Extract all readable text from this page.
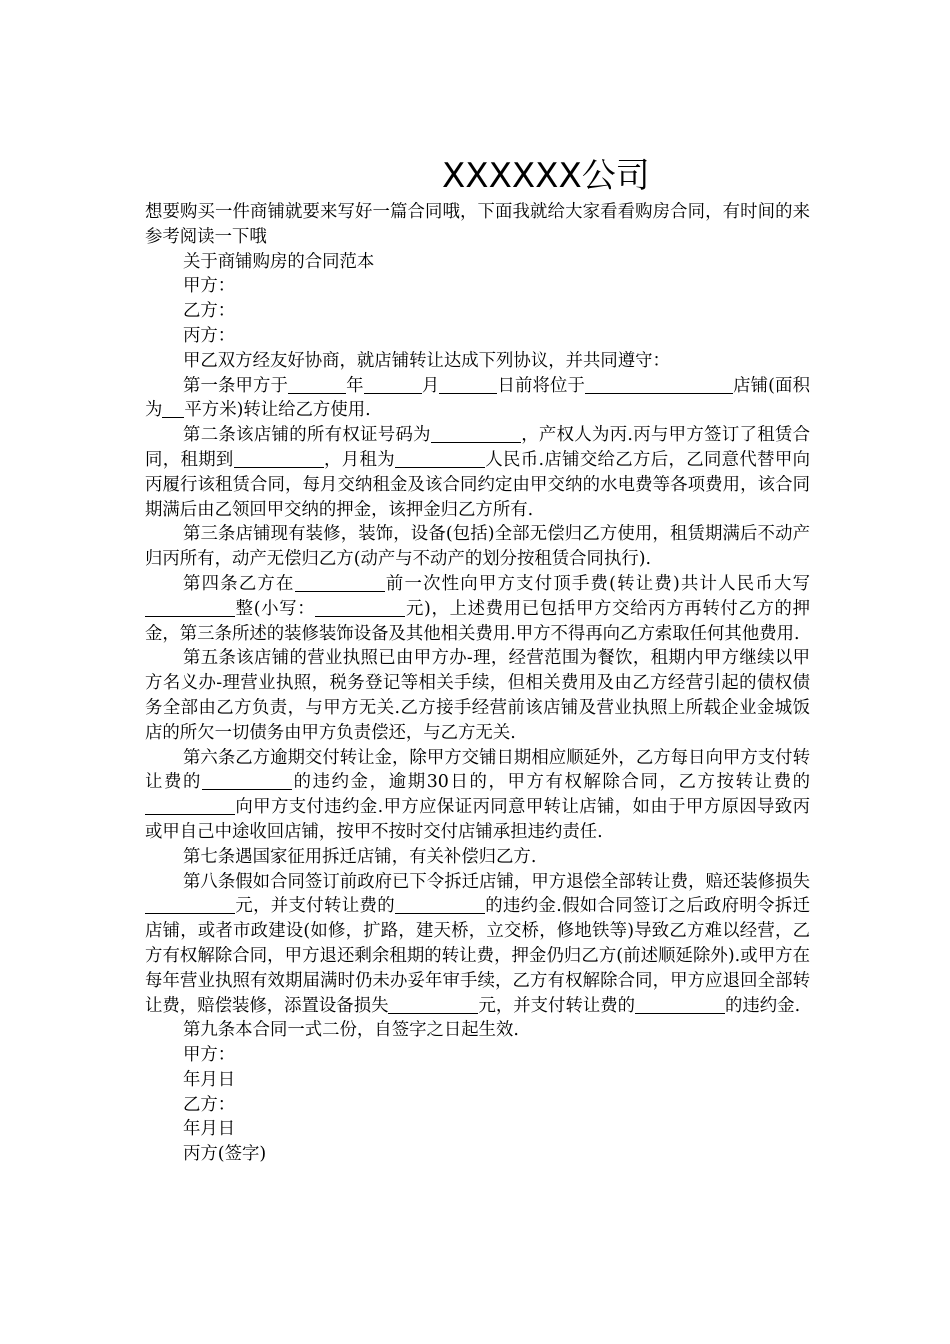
XXXXXX公司

想要购买一件商铺就要来写好一篇合同哦，下面我就给大家看看购房合同，有时间的来参考阅读一下哦

关于商铺购房的合同范本

甲方：

乙方：

丙方：

甲乙双方经友好协商，就店铺转让达成下列协议，并共同遵守：

第一条甲方于	年	月	日前将位于	店铺(面积为 平方米)转让给乙方使用.

第二条该店铺的所有权证号码为	，产权人为丙.丙与甲方签订了租赁合同，租期到	，月租为	人民币.店铺交给乙方后，乙同意代替甲向丙履行该租赁合同，每月交纳租金及该合同约定由甲交纳的水电费等各项费用，该合同期满后由乙领回甲交纳的押金，该押金归乙方所有.

第三条店铺现有装修，装饰，设备(包括)全部无偿归乙方使用，租赁期满后不动产归丙所有，动产无偿归乙方(动产与不动产的划分按租赁合同执行).

第四条乙方在	前一次性向甲方支付顶手费(转让费)共计人民币大写整(小写：	元)，上述费用已包括甲方交给丙方再转付乙方的押金，第三条所述的装修装饰设备及其他相关费用.甲方不得再向乙方索取任何其他费用.

第五条该店铺的营业执照已由甲方办-理，经营范围为餐饮，租期内甲方继续以甲方名义办-理营业执照，税务登记等相关手续，但相关费用及由乙方经营引起的债权债务全部由乙方负责，与甲方无关.乙方接手经营前该店铺及营业执照上所载企业金城饭店的所欠一切债务由甲方负责偿还，与乙方无关.

第六条乙方逾期交付转让金，除甲方交铺日期相应顺延外，乙方每日向甲方支付转让费的	的违约金，逾期30日的，甲方有权解除合同，乙方按转让费的向甲方支付违约金.甲方应保证丙同意甲转让店铺，如由于甲方原因导致丙或甲自己中途收回店铺，按甲不按时交付店铺承担违约责任.

第七条遇国家征用拆迁店铺，有关补偿归乙方.

第八条假如合同签订前政府已下令拆迁店铺，甲方退偿全部转让费，赔还装修损失元，并支付转让费的	的违约金.假如合同签订之后政府明令拆迁店铺，或者市政建设(如修，扩路，建天桥，立交桥，修地铁等)导致乙方难以经营，乙方有权解除合同，甲方退还剩余租期的转让费，押金仍归乙方(前述顺延除外).或甲方在每年营业执照有效期届满时仍未办妥年审手续，乙方有权解除合同，甲方应退回全部转让费，赔偿装修，添置设备损失	元，并支付转让费的	的违约金.

第九条本合同一式二份，自签字之日起生效.

甲方：

年月日

乙方：

年月日

丙方(签字)
